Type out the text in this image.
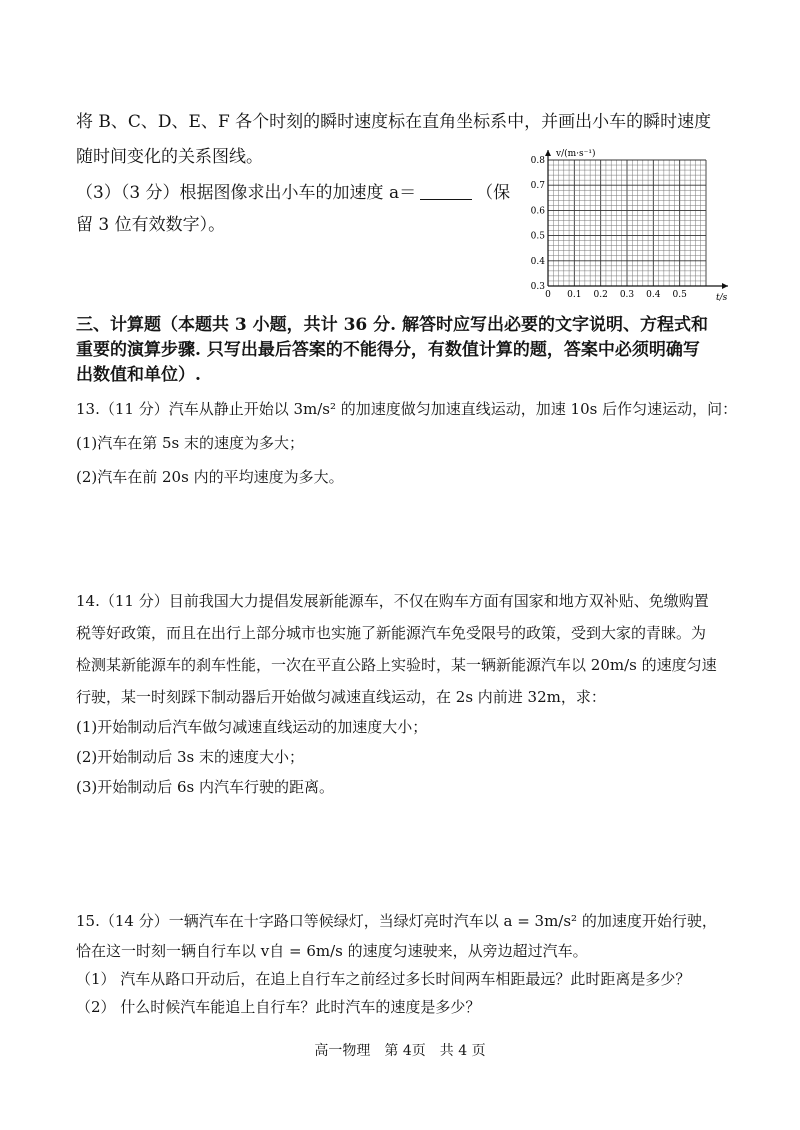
将 B、C、D、E、F 各个时刻的瞬时速度标在直角坐标系中，并画出小车的瞬时速度
随时间变化的关系图线。
（3）（3 分）根据图像求出小车的加速度 a＝	（保
留 3 位有效数字）。
0 0.1 0.2 0.3 0.4 0.5
0.3
0.4
0.5
0.6
0.7
0.8
v/(m·s⁻¹)
t/s
三、计算题（本题共 3 小题，共计 36 分. 解答时应写出必要的文字说明、方程式和
重要的演算步骤. 只写出最后答案的不能得分，有数值计算的题，答案中必须明确写
出数值和单位）.
13.（11 分）汽车从静止开始以 3m/s² 的加速度做匀加速直线运动，加速 10s 后作匀速运动，问：
(1)汽车在第 5s 末的速度为多大；
(2)汽车在前 20s 内的平均速度为多大。
14.（11 分）目前我国大力提倡发展新能源车，不仅在购车方面有国家和地方双补贴、免缴购置
税等好政策，而且在出行上部分城市也实施了新能源汽车免受限号的政策，受到大家的青睐。为
检测某新能源车的刹车性能，一次在平直公路上实验时，某一辆新能源汽车以 20m/s 的速度匀速
行驶，某一时刻踩下制动器后开始做匀减速直线运动，在 2s 内前进 32m，求：
(1)开始制动后汽车做匀减速直线运动的加速度大小；
(2)开始制动后 3s 末的速度大小；
(3)开始制动后 6s 内汽车行驶的距离。
15.（14 分）一辆汽车在十字路口等候绿灯，当绿灯亮时汽车以 a = 3m/s² 的加速度开始行驶，
恰在这一时刻一辆自行车以 v自 = 6m/s 的速度匀速驶来，从旁边超过汽车。
（1） 汽车从路口开动后，在追上自行车之前经过多长时间两车相距最远？此时距离是多少？
（2） 什么时候汽车能追上自行车？此时汽车的速度是多少？
高一物理　第 4页　共 4 页
